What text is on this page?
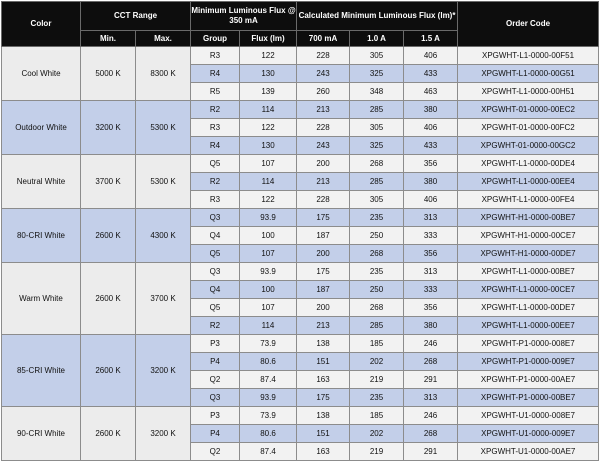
Color	CCT Range		Minimum Luminous Flux @ 350 mA		Calculated Minimum Luminous Flux (lm)*			Order Code
	Min.	Max.	Group	Flux (lm)	700 mA	1.0 A	1.5 A	
Cool White	5000 K	8300 K	R3	122	228	305	406	XPGWHT-L1-0000-00F51
			R4	130	243	325	433	XPGWHT-L1-0000-00G51
			R5	139	260	348	463	XPGWHT-L1-0000-00H51
Outdoor White	3200 K	5300 K	R2	114	213	285	380	XPGWHT-01-0000-00EC2
			R3	122	228	305	406	XPGWHT-01-0000-00FC2
			R4	130	243	325	433	XPGWHT-01-0000-00GC2
Neutral White	3700 K	5300 K	Q5	107	200	268	356	XPGWHT-L1-0000-00DE4
			R2	114	213	285	380	XPGWHT-L1-0000-00EE4
			R3	122	228	305	406	XPGWHT-L1-0000-00FE4
80-CRI White	2600 K	4300 K	Q3	93.9	175	235	313	XPGWHT-H1-0000-00BE7
			Q4	100	187	250	333	XPGWHT-H1-0000-00CE7
			Q5	107	200	268	356	XPGWHT-H1-0000-00DE7
Warm White	2600 K	3700 K	Q3	93.9	175	235	313	XPGWHT-L1-0000-00BE7
			Q4	100	187	250	333	XPGWHT-L1-0000-00CE7
			Q5	107	200	268	356	XPGWHT-L1-0000-00DE7
			R2	114	213	285	380	XPGWHT-L1-0000-00EE7
85-CRI White	2600 K	3200 K	P3	73.9	138	185	246	XPGWHT-P1-0000-008E7
			P4	80.6	151	202	268	XPGWHT-P1-0000-009E7
			Q2	87.4	163	219	291	XPGWHT-P1-0000-00AE7
			Q3	93.9	175	235	313	XPGWHT-P1-0000-00BE7
90-CRI White	2600 K	3200 K	P3	73.9	138	185	246	XPGWHT-U1-0000-008E7
			P4	80.6	151	202	268	XPGWHT-U1-0000-009E7
			Q2	87.4	163	219	291	XPGWHT-U1-0000-00AE7
